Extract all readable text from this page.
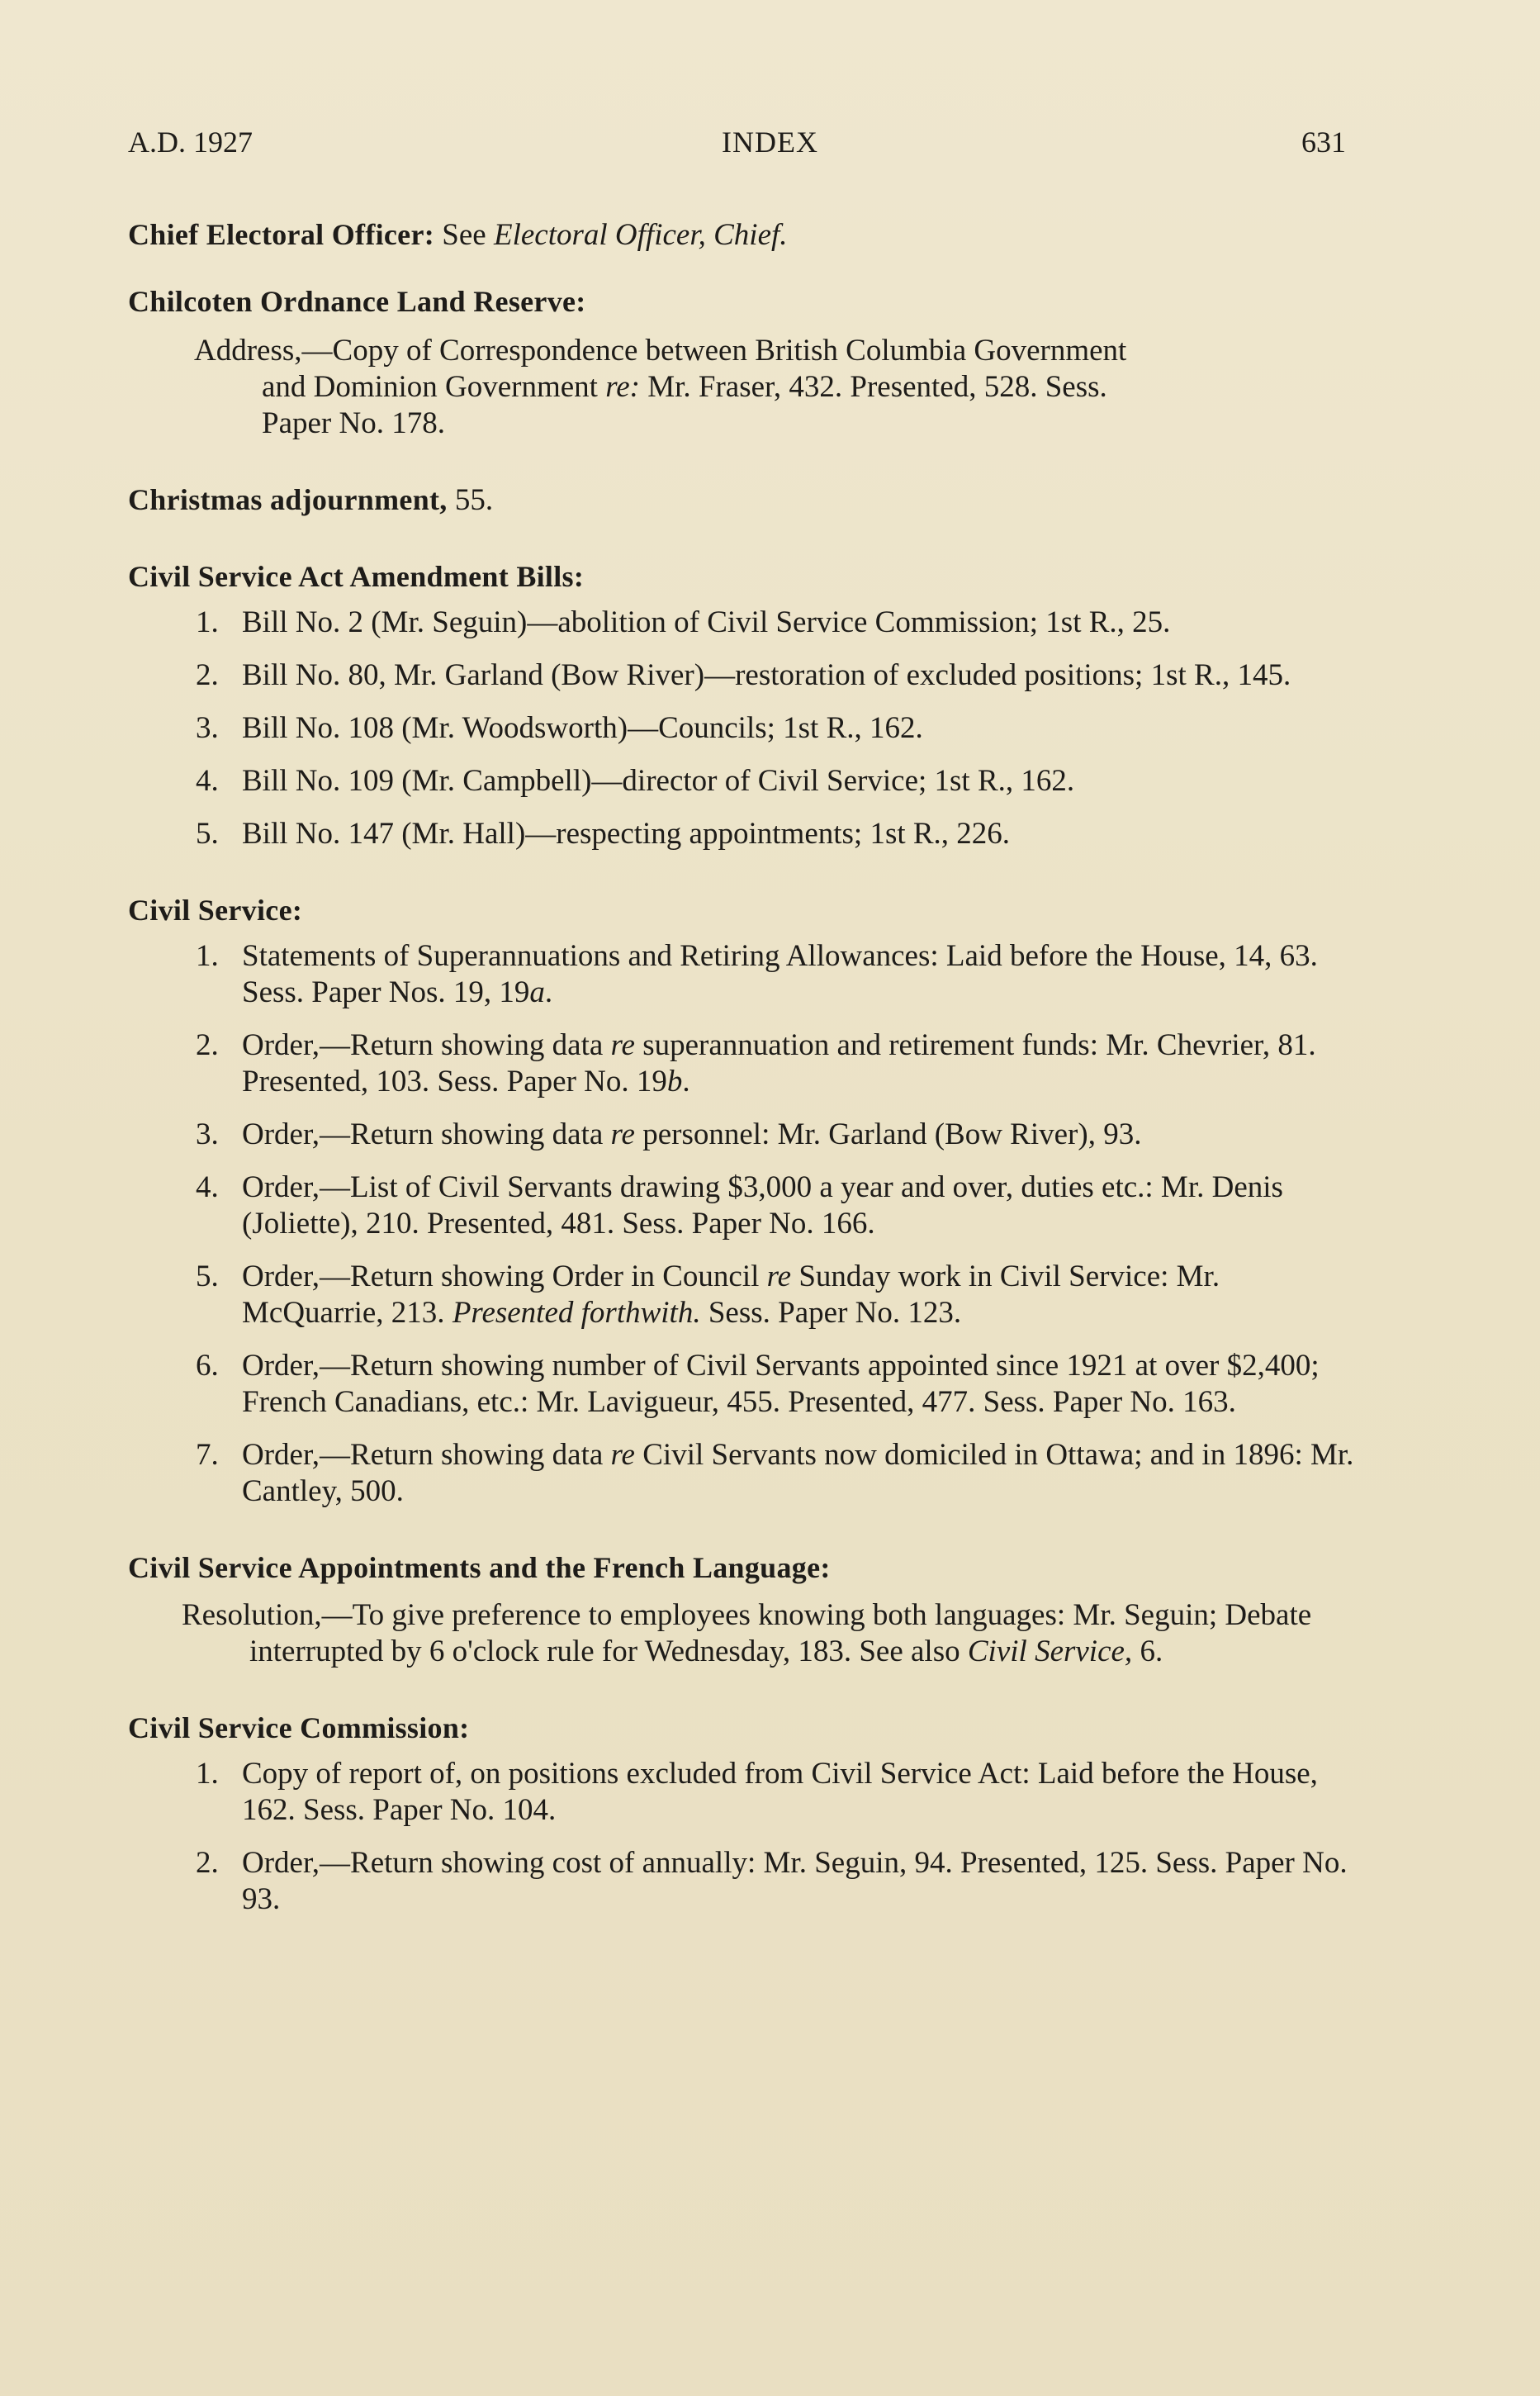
A.D. 1927	INDEX	631
Chief Electoral Officer: See Electoral Officer, Chief.
Chilcoten Ordnance Land Reserve:
Address,—Copy of Correspondence between British Columbia Government
and Dominion Government re: Mr. Fraser, 432. Presented, 528. Sess.
Paper No. 178.
Christmas adjournment, 55.
Civil Service Act Amendment Bills:
1. Bill No. 2 (Mr. Seguin)—abolition of Civil Service Commission; 1st R., 25.
2. Bill No. 80, Mr. Garland (Bow River)—restoration of excluded positions; 1st R., 145.
3. Bill No. 108 (Mr. Woodsworth)—Councils; 1st R., 162.
4. Bill No. 109 (Mr. Campbell)—director of Civil Service; 1st R., 162.
5. Bill No. 147 (Mr. Hall)—respecting appointments; 1st R., 226.
Civil Service:
1. Statements of Superannuations and Retiring Allowances: Laid before the House, 14, 63. Sess. Paper Nos. 19, 19a.
2. Order,—Return showing data re superannuation and retirement funds: Mr. Chevrier, 81. Presented, 103. Sess. Paper No. 19b.
3. Order,—Return showing data re personnel: Mr. Garland (Bow River), 93.
4. Order,—List of Civil Servants drawing $3,000 a year and over, duties etc.: Mr. Denis (Joliette), 210. Presented, 481. Sess. Paper No. 166.
5. Order,—Return showing Order in Council re Sunday work in Civil Service: Mr. McQuarrie, 213. Presented forthwith. Sess. Paper No. 123.
6. Order,—Return showing number of Civil Servants appointed since 1921 at over $2,400; French Canadians, etc.: Mr. Lavigueur, 455. Presented, 477. Sess. Paper No. 163.
7. Order,—Return showing data re Civil Servants now domiciled in Ottawa; and in 1896: Mr. Cantley, 500.
Civil Service Appointments and the French Language:
Resolution,—To give preference to employees knowing both languages: Mr. Seguin; Debate interrupted by 6 o'clock rule for Wednesday, 183. See also Civil Service, 6.
Civil Service Commission:
1. Copy of report of, on positions excluded from Civil Service Act: Laid before the House, 162. Sess. Paper No. 104.
2. Order,—Return showing cost of annually: Mr. Seguin, 94. Presented, 125. Sess. Paper No. 93.
